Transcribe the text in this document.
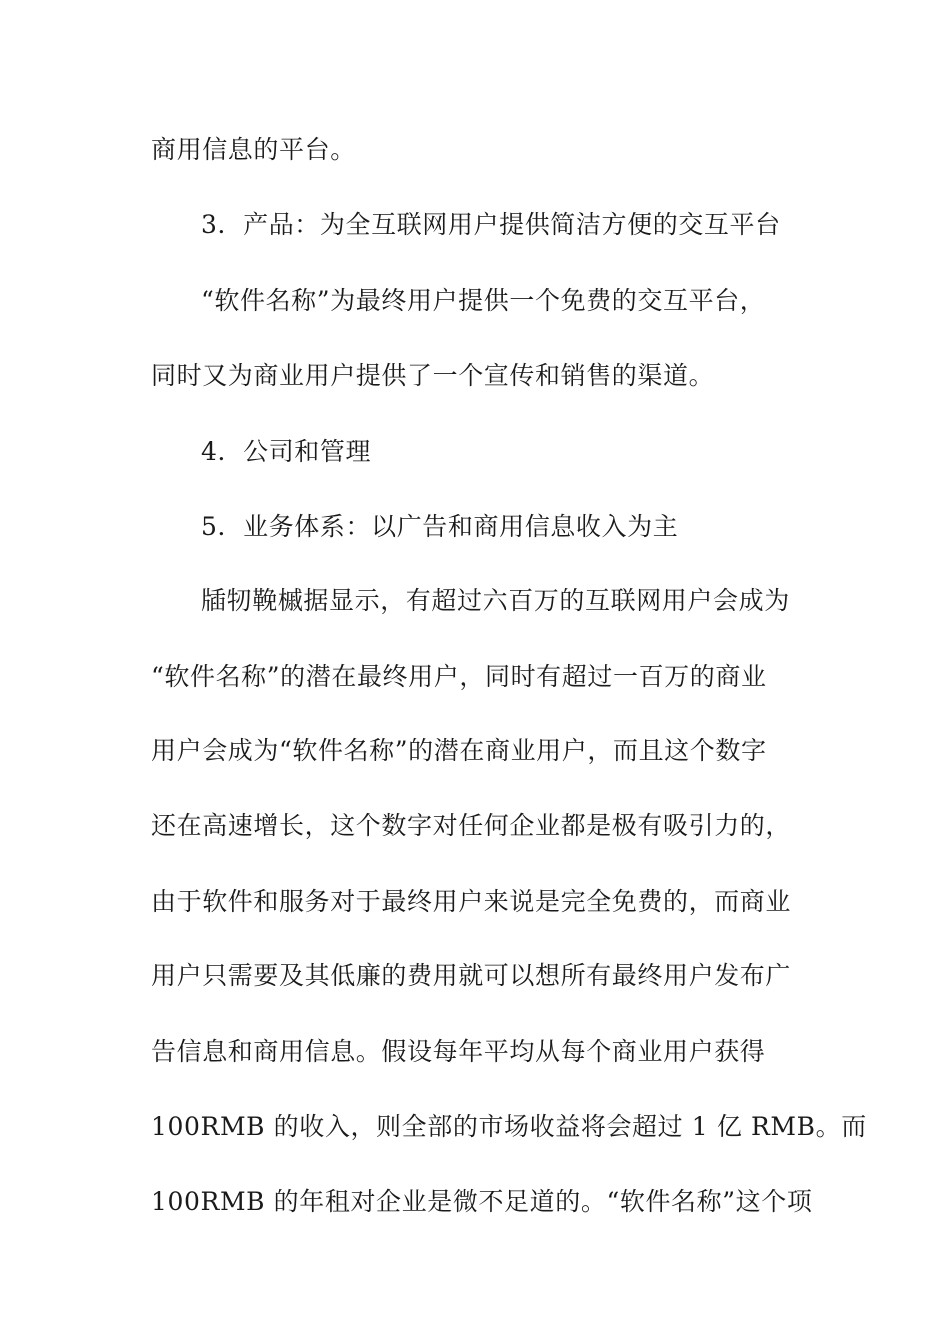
商用信息的平台。
3．产品：为全互联网用户提供简洁方便的交互平台
“软件名称”为最终用户提供一个免费的交互平台，
同时又为商业用户提供了一个宣传和销售的渠道。
4．公司和管理
5．业务体系：以广告和商用信息收入为主
牐牣鞔槭据显示，有超过六百万的互联网用户会成为
“软件名称”的潜在最终用户，同时有超过一百万的商业
用户会成为“软件名称”的潜在商业用户，而且这个数字
还在高速增长，这个数字对任何企业都是极有吸引力的，
由于软件和服务对于最终用户来说是完全免费的，而商业
用户只需要及其低廉的费用就可以想所有最终用户发布广
告信息和商用信息。假设每年平均从每个商业用户获得
100RMB 的收入，则全部的市场收益将会超过 1 亿 RMB。而
100RMB 的年租对企业是微不足道的。“软件名称”这个项
